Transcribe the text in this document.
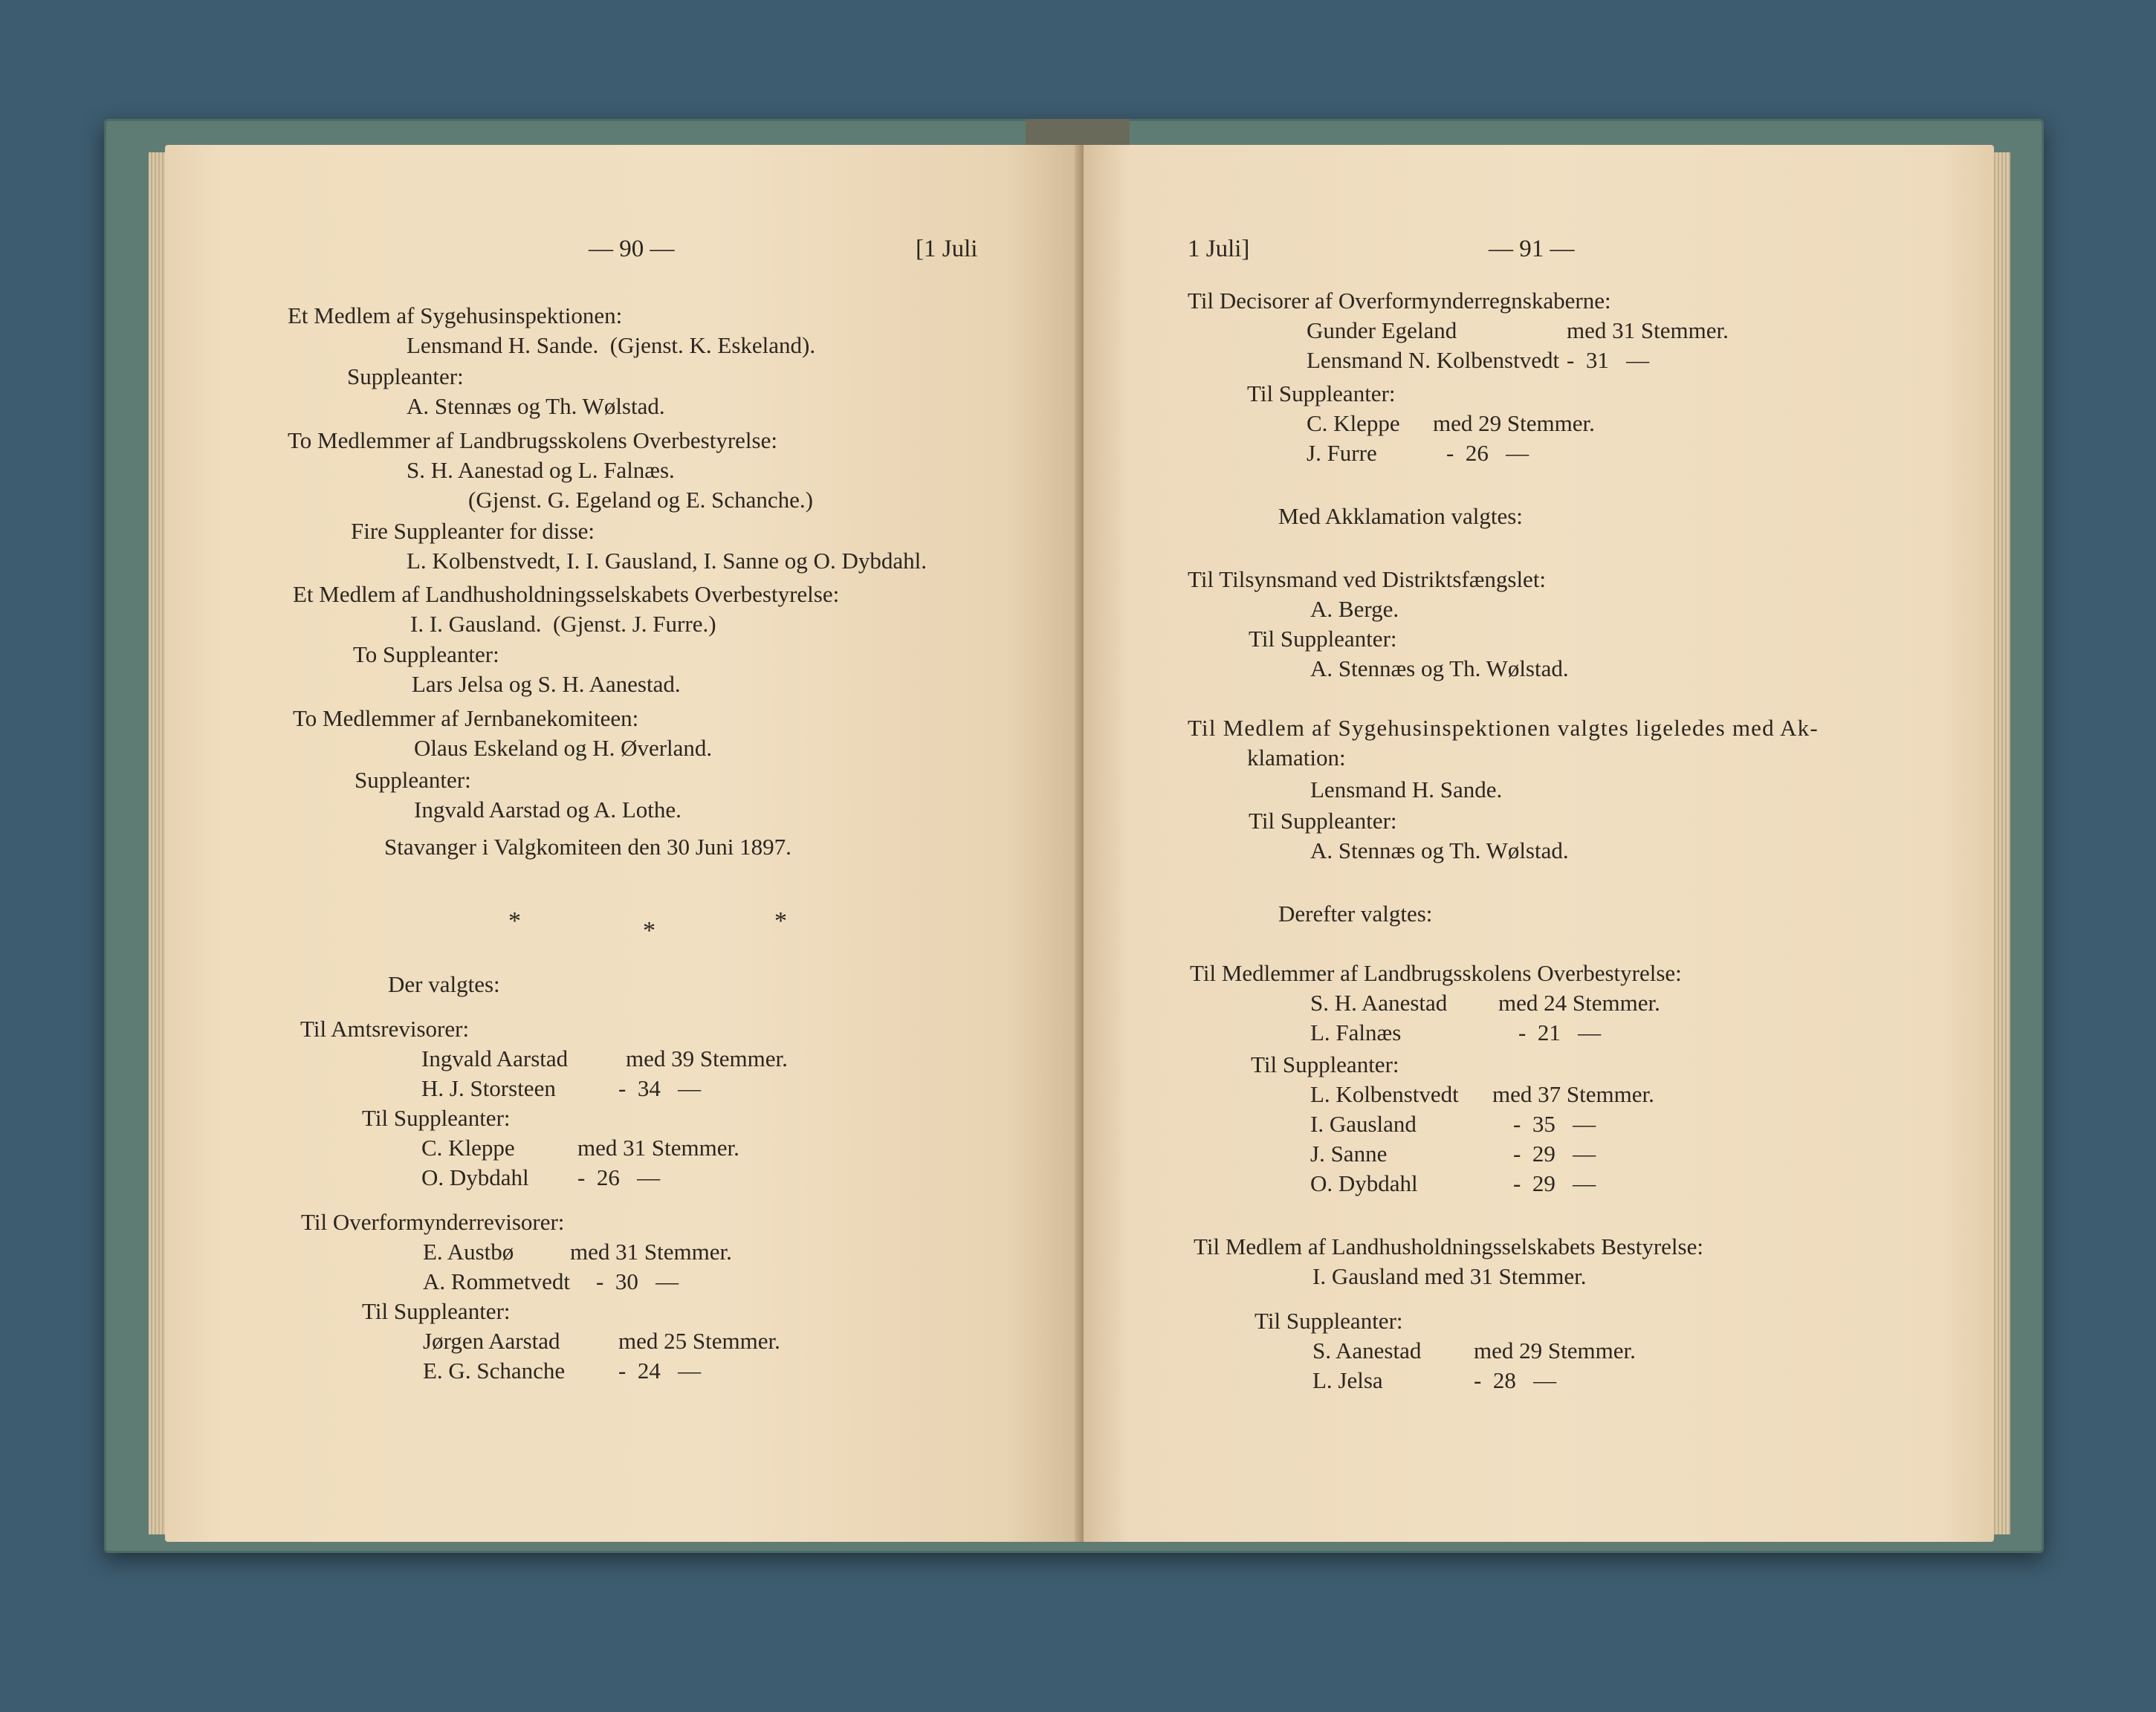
— 90 —	[1 Juli
Et Medlem af Sygehusinspektionen:
Lensmand H. Sande.  (Gjenst. K. Eskeland).
Suppleanter:
A. Stennæs og Th. Wølstad.
To Medlemmer af Landbrugsskolens Overbestyrelse:
S. H. Aanestad og L. Falnæs.
(Gjenst. G. Egeland og E. Schanche.)
Fire Suppleanter for disse:
L. Kolbenstvedt, I. I. Gausland, I. Sanne og O. Dybdahl.
Et Medlem af Landhusholdningsselskabets Overbestyrelse:
I. I. Gausland.  (Gjenst. J. Furre.)
To Suppleanter:
Lars Jelsa og S. H. Aanestad.
To Medlemmer af Jernbanekomiteen:
Olaus Eskeland og H. Øverland.
Suppleanter:
Ingvald Aarstad og A. Lothe.
Stavanger i Valgkomiteen den 30 Juni 1897.
*	*	*
Der valgtes:
Til Amtsrevisorer:
Ingvald Aarstad	med 39 Stemmer.
H. J. Storsteen	-  34   —
Til Suppleanter:
C. Kleppe	med 31 Stemmer.
O. Dybdahl -  26   —
Til Overformynderrevisorer:
E. Austbø med 31 Stemmer.
A. Rommetvedt -  30   —
Til Suppleanter:
Jørgen Aarstad	med 25 Stemmer.
E. G. Schanche -  24   —
1 Juli]	— 91 —
Til Decisorer af Overformynderregnskaberne:
Gunder Egeland	med 31 Stemmer.
Lensmand N. Kolbenstvedt -  31   —
Til Suppleanter:
C. Kleppe med 29 Stemmer.
J. Furre	-  26   —
Med Akklamation valgtes:
Til Tilsynsmand ved Distriktsfængslet:
A. Berge.
Til Suppleanter:
A. Stennæs og Th. Wølstad.
Til Medlem af Sygehusinspektionen valgtes ligeledes med Ak-
klamation:
Lensmand H. Sande.
Til Suppleanter:
A. Stennæs og Th. Wølstad.
Derefter valgtes:
Til Medlemmer af Landbrugsskolens Overbestyrelse:
S. H. Aanestad med 24 Stemmer.
L. Falnæs	-  21   —
Til Suppleanter:
L. Kolbenstvedt med 37 Stemmer.
I. Gausland	-  35   —
J. Sanne	-  29   —
O. Dybdahl	-  29   —
Til Medlem af Landhusholdningsselskabets Bestyrelse:
I. Gausland med 31 Stemmer.
Til Suppleanter:
S. Aanestad med 29 Stemmer.
L. Jelsa	-  28   —
